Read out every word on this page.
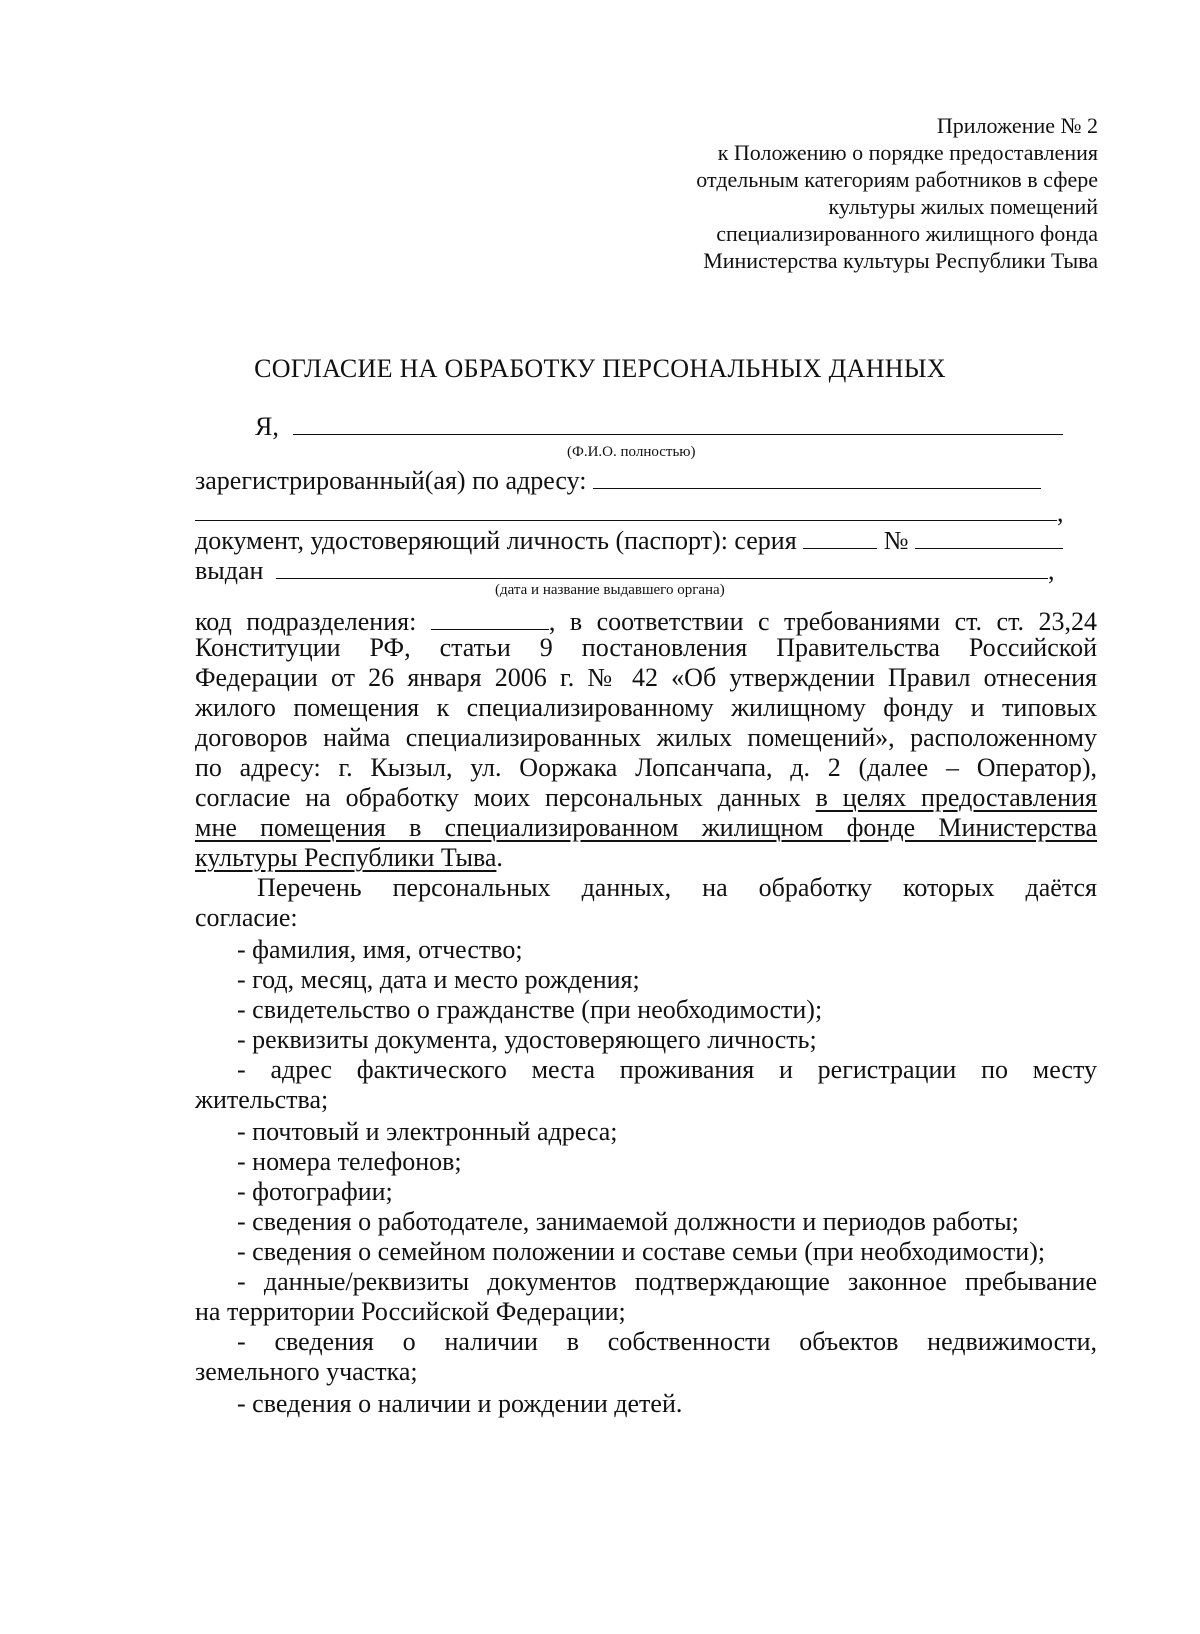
Приложение № 2
к Положению о порядке предоставления
отдельным категориям работников в сфере
культуры жилых помещений
специализированного жилищного фонда
Министерства культуры Республики Тыва
СОГЛАСИЕ НА ОБРАБОТКУ ПЕРСОНАЛЬНЫХ ДАННЫХ
Я,
(Ф.И.О. полностью)
зарегистрированный(ая) по адресу:
,
документ, удостоверяющий личность (паспорт): серия	№
выдан	,
(дата и название выдавшего органа)
код подразделения:	, в соответствии с требованиями ст. ст. 23,24
Конституции РФ, статьи 9 постановления Правительства Российской
Федерации от 26 января 2006 г. № 42 «Об утверждении Правил отнесения
жилого помещения к специализированному жилищному фонду и типовых
договоров найма специализированных жилых помещений», расположенному
по адресу: г. Кызыл, ул. Ооржака Лопсанчапа, д. 2 (далее – Оператор),
согласие на обработку моих персональных данных в целях предоставления
мне помещения в специализированном жилищном фонде Министерства
культуры Республики Тыва.
Перечень персональных данных, на обработку которых даётся
согласие:
- фамилия, имя, отчество;
- год, месяц, дата и место рождения;
- свидетельство о гражданстве (при необходимости);
- реквизиты документа, удостоверяющего личность;
- адрес фактического места проживания и регистрации по месту
жительства;
- почтовый и электронный адреса;
- номера телефонов;
- фотографии;
- сведения о работодателе, занимаемой должности и периодов работы;
- сведения о семейном положении и составе семьи (при необходимости);
- данные/реквизиты документов подтверждающие законное пребывание
на территории Российской Федерации;
- сведения о наличии в собственности объектов недвижимости,
земельного участка;
- сведения о наличии и рождении детей.
